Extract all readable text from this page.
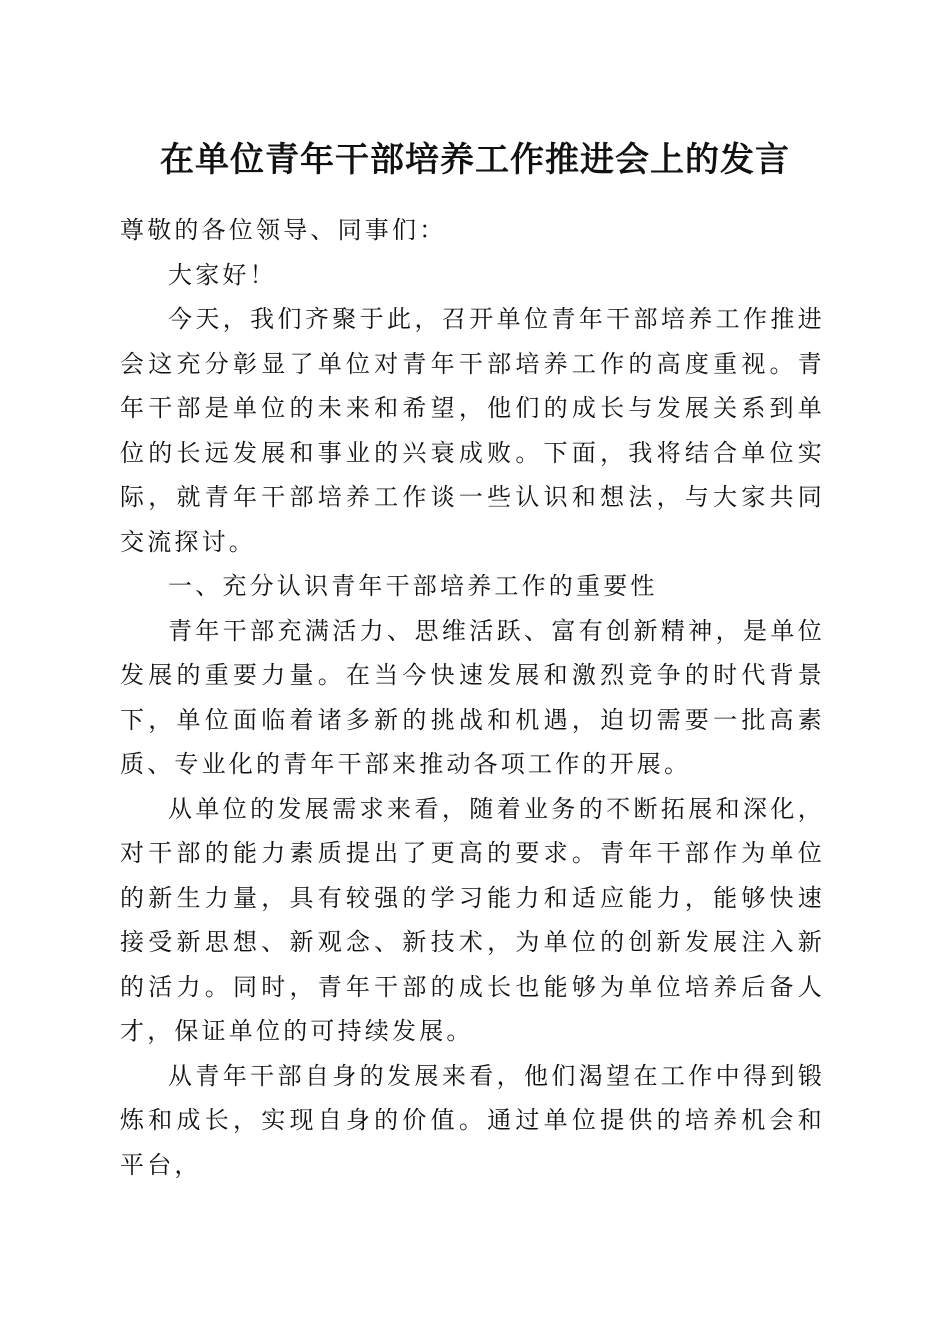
在单位青年干部培养工作推进会上的发言

尊敬的各位领导、同事们：

大家好！

今天，我们齐聚于此，召开单位青年干部培养工作推进会这充分彰显了单位对青年干部培养工作的高度重视。青年干部是单位的未来和希望，他们的成长与发展关系到单位的长远发展和事业的兴衰成败。下面，我将结合单位实际，就青年干部培养工作谈一些认识和想法，与大家共同交流探讨。

一、充分认识青年干部培养工作的重要性

青年干部充满活力、思维活跃、富有创新精神，是单位发展的重要力量。在当今快速发展和激烈竞争的时代背景下，单位面临着诸多新的挑战和机遇，迫切需要一批高素质、专业化的青年干部来推动各项工作的开展。

从单位的发展需求来看，随着业务的不断拓展和深化，对干部的能力素质提出了更高的要求。青年干部作为单位的新生力量，具有较强的学习能力和适应能力，能够快速接受新思想、新观念、新技术，为单位的创新发展注入新的活力。同时，青年干部的成长也能够为单位培养后备人才，保证单位的可持续发展。

从青年干部自身的发展来看，他们渴望在工作中得到锻炼和成长，实现自身的价值。通过单位提供的培养机会和平台，
